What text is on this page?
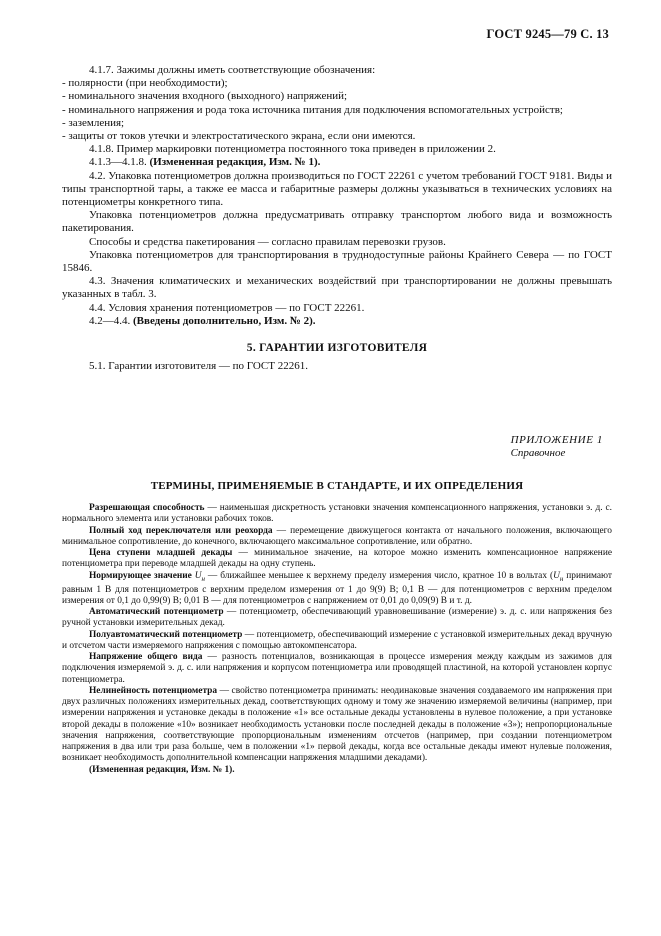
ГОСТ 9245—79 С. 13

4.1.7. Зажимы должны иметь соответствующие обозначения:

- полярности (при необходимости);

- номинального значения входного (выходного) напряжений;

- номинального напряжения и рода тока источника питания для подключения вспомогательных устройств;

- заземления;

- защиты от токов утечки и электростатического экрана, если они имеются.

4.1.8. Пример маркировки потенциометра постоянного тока приведен в приложении 2.

4.1.3—4.1.8. (Измененная редакция, Изм. № 1).

4.2. Упаковка потенциометров должна производиться по ГОСТ 22261 с учетом требований ГОСТ 9181. Виды и типы транспортной тары, а также ее масса и габаритные размеры должны указываться в технических условиях на потенциометры конкретного типа.

Упаковка потенциометров должна предусматривать отправку транспортом любого вида и возможность пакетирования.

Способы и средства пакетирования — согласно правилам перевозки грузов.

Упаковка потенциометров для транспортирования в труднодоступные районы Крайнего Севера — по ГОСТ 15846.

4.3. Значения климатических и механических воздействий при транспортировании не должны превышать указанных в табл. 3.

4.4. Условия хранения потенциометров — по ГОСТ 22261.

4.2—4.4. (Введены дополнительно, Изм. № 2).

5. ГАРАНТИИ ИЗГОТОВИТЕЛЯ

5.1. Гарантии изготовителя — по ГОСТ 22261.

ПРИЛОЖЕНИЕ 1
Справочное
ТЕРМИНЫ, ПРИМЕНЯЕМЫЕ В СТАНДАРТЕ, И ИХ ОПРЕДЕЛЕНИЯ

Разрешающая способность — наименьшая дискретность установки значения компенсационного напряжения, установки э. д. с. нормального элемента или установки рабочих токов.

Полный ход переключателя или реохорда — перемещение движущегося контакта от начального положения, включающего минимальное сопротивление, до конечного, включающего максимальное сопротивление, или обратно.

Цена ступени младшей декады — минимальное значение, на которое можно изменить компенсационное напряжение потенциометра при переводе младшей декады на одну ступень.

Нормирующее значение $U_н$ — ближайшее меньшее к верхнему пределу измерения число, кратное 10 в вольтах ($U_н$ принимают равным 1 В для потенциометров с верхним пределом измерения от 1 до 9(9) В; 0,1 В — для потенциометров с верхним пределом измерения от 0,1 до 0,99(9) В; 0,01 В — для потенциометров с напряжением от 0,01 до 0,09(9) В и т. д.

Автоматический потенциометр — потенциометр, обеспечивающий уравновешивание (измерение) э. д. с. или напряжения без ручной установки измерительных декад.

Полуавтоматический потенциометр — потенциометр, обеспечивающий измерение с установкой измерительных декад вручную и отсчетом части измеряемого напряжения с помощью автокомпенсатора.

Напряжение общего вида — разность потенциалов, возникающая в процессе измерения между каждым из зажимов для подключения измеряемой э. д. с. или напряжения и корпусом потенциометра или проводящей пластиной, на которой установлен корпус потенциометра.

Нелинейность потенциометра — свойство потенциометра принимать: неодинаковые значения создаваемого им напряжения при двух различных положениях измерительных декад, соответствующих одному и тому же значению измеряемой величины (например, при измерении напряжения и установке декады в положение «1» все остальные декады установлены в нулевое положение, а при установке второй декады в положение «10» возникает необходимость установки после последней декады в положение «3»); непропорциональные значения напряжения, соответствующие пропорциональным изменениям отсчетов (например, при создании потенциометром напряжения в два или три раза больше, чем в положении «1» первой декады, когда все остальные декады имеют нулевые положения, возникает необходимость дополнительной компенсации напряжения младшими декадами).

(Измененная редакция, Изм. № 1).
